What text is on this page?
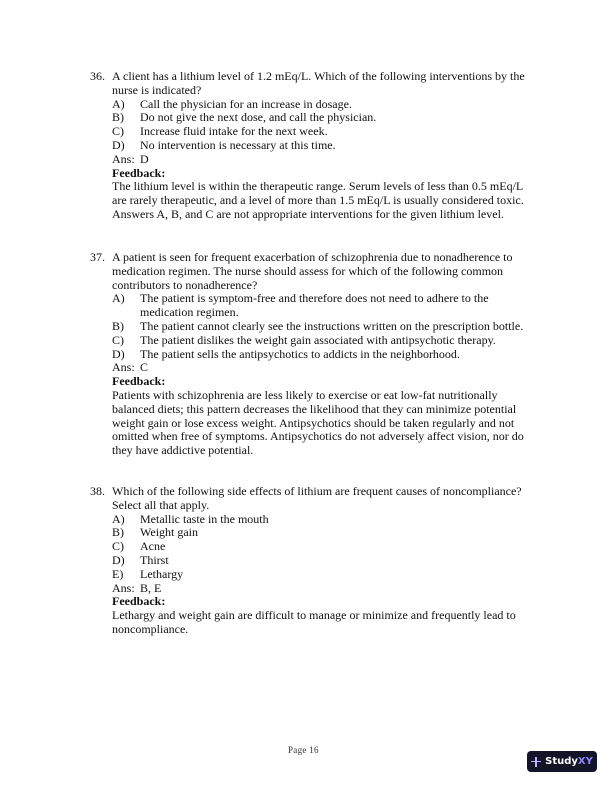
36. A client has a lithium level of 1.2 mEq/L. Which of the following interventions by the nurse is indicated?
A)	Call the physician for an increase in dosage.
B)	Do not give the next dose, and call the physician.
C)	Increase fluid intake for the next week.
D)	No intervention is necessary at this time.
Ans: D
Feedback:
The lithium level is within the therapeutic range. Serum levels of less than 0.5 mEq/L are rarely therapeutic, and a level of more than 1.5 mEq/L is usually considered toxic. Answers A, B, and C are not appropriate interventions for the given lithium level.
37. A patient is seen for frequent exacerbation of schizophrenia due to nonadherence to medication regimen. The nurse should assess for which of the following common contributors to nonadherence?
A)	The patient is symptom-free and therefore does not need to adhere to the medication regimen.
B)	The patient cannot clearly see the instructions written on the prescription bottle.
C)	The patient dislikes the weight gain associated with antipsychotic therapy.
D)	The patient sells the antipsychotics to addicts in the neighborhood.
Ans: C
Feedback:
Patients with schizophrenia are less likely to exercise or eat low-fat nutritionally balanced diets; this pattern decreases the likelihood that they can minimize potential weight gain or lose excess weight. Antipsychotics should be taken regularly and not omitted when free of symptoms. Antipsychotics do not adversely affect vision, nor do they have addictive potential.
38. Which of the following side effects of lithium are frequent causes of noncompliance? Select all that apply.
A)	Metallic taste in the mouth
B)	Weight gain
C)	Acne
D)	Thirst
E)	Lethargy
Ans: B, E
Feedback:
Lethargy and weight gain are difficult to manage or minimize and frequently lead to noncompliance.
Page 16
StudyXY
